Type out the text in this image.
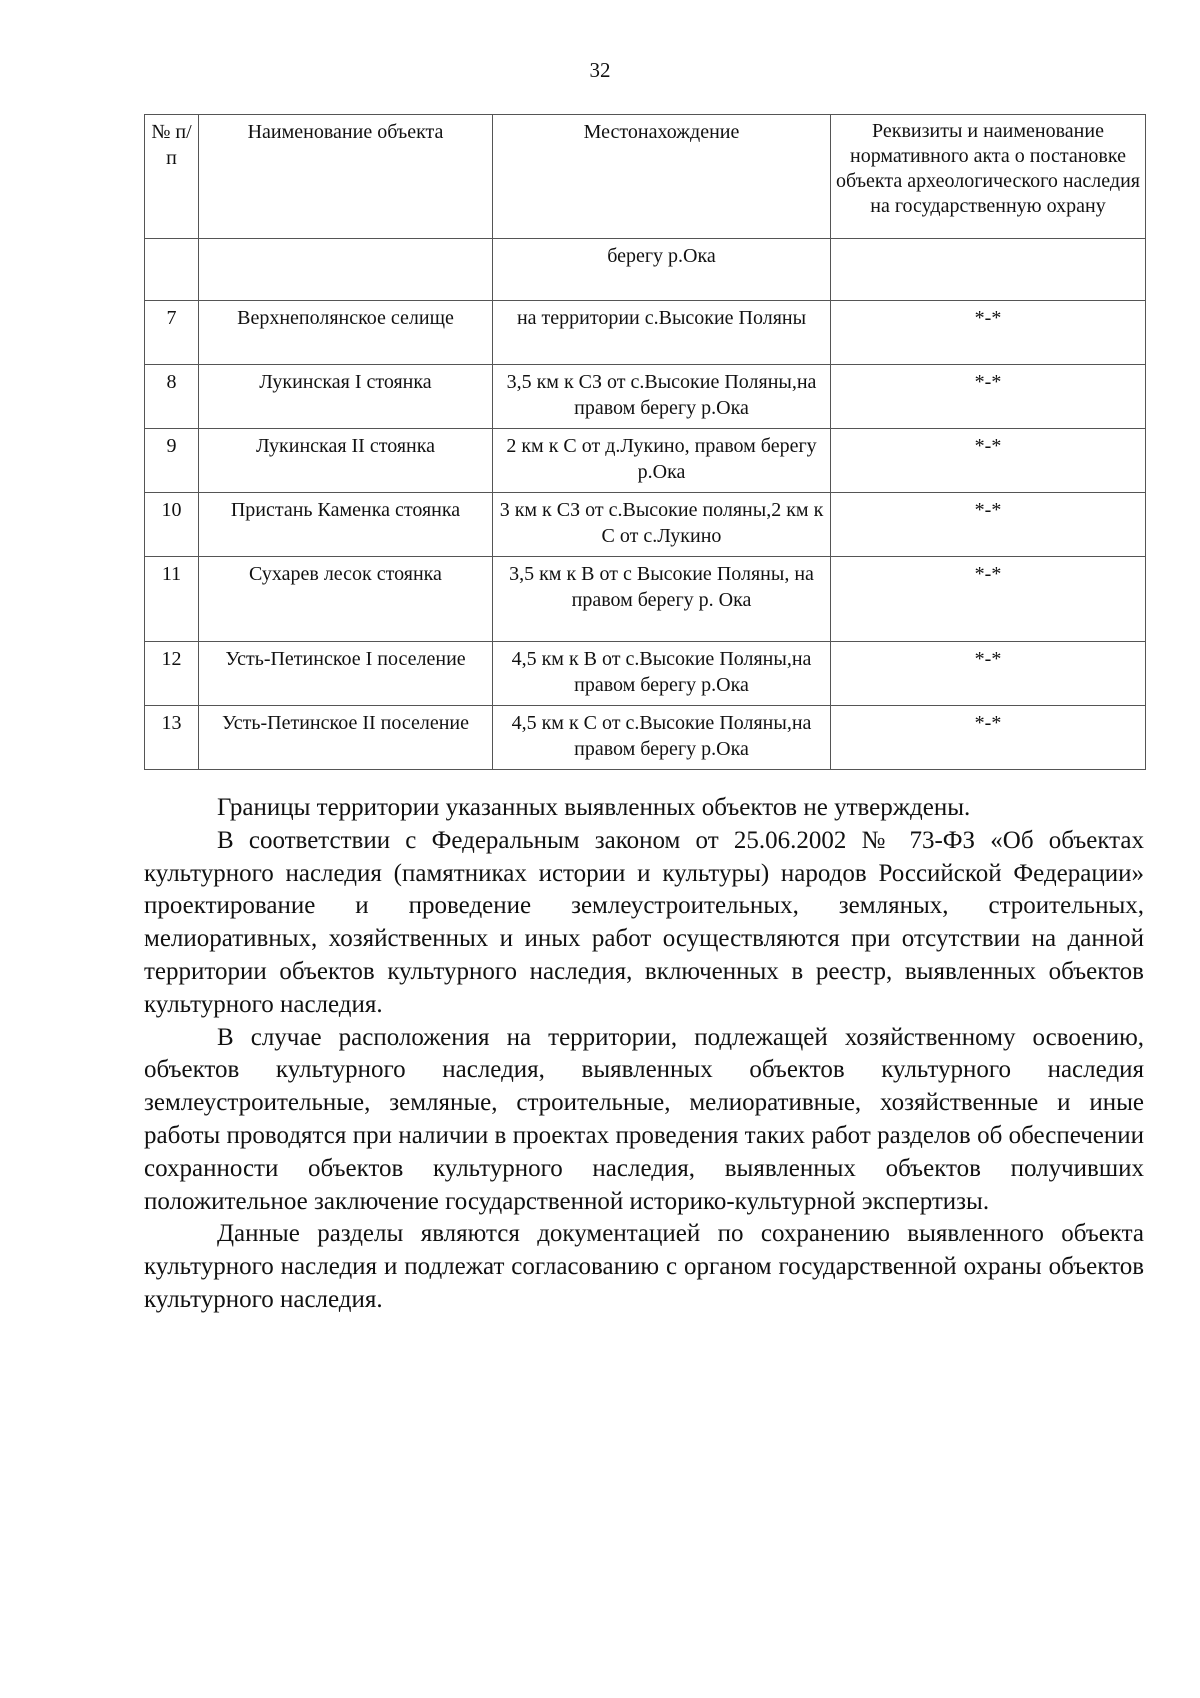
32
№ п/п	Наименование объекта	Местонахождение	Реквизиты и наименование нормативного акта о постановке объекта археологического наследия на государственную охрану
		берегу р.Ока	
7	Верхнеполянское селище	на территории с.Высокие Поляны	*-*
8	Лукинская I стоянка	3,5 км к СЗ от с.Высокие Поляны,на правом берегу р.Ока	*-*
9	Лукинская II стоянка	2 км к С от д.Лукино, правом берегу р.Ока	*-*
10	Пристань Каменка стоянка	3 км к СЗ от с.Высокие поляны,2 км к С от с.Лукино	*-*
11	Сухарев лесок стоянка	3,5 км к В от с Высокие Поляны, на правом берегу р. Ока	*-*
12	Усть-Петинское I поселение	4,5 км к В от с.Высокие Поляны,на правом берегу р.Ока	*-*
13	Усть-Петинское II поселение	4,5 км к С от с.Высокие Поляны,на правом берегу р.Ока	*-*

Границы территории указанных выявленных объектов не утверждены.

В соответствии с Федеральным законом от 25.06.2002 № 73-ФЗ «Об объектах культурного наследия (памятниках истории и культуры) народов Российской Федерации» проектирование и проведение землеустроительных, земляных, строительных, мелиоративных, хозяйственных и иных работ осуществляются при отсутствии на данной территории объектов культурного наследия, включенных в реестр, выявленных объектов культурного наследия.

В случае расположения на территории, подлежащей хозяйственному освоению, объектов культурного наследия, выявленных объектов культурного наследия землеустроительные, земляные, строительные, мелиоративные, хозяйственные и иные работы проводятся при наличии в проектах проведения таких работ разделов об обеспечении сохранности объектов культурного наследия, выявленных объектов получивших положительное заключение государственной историко-культурной экспертизы.

Данные разделы являются документацией по сохранению выявленного объекта культурного наследия и подлежат согласованию с органом государственной охраны объектов культурного наследия.
